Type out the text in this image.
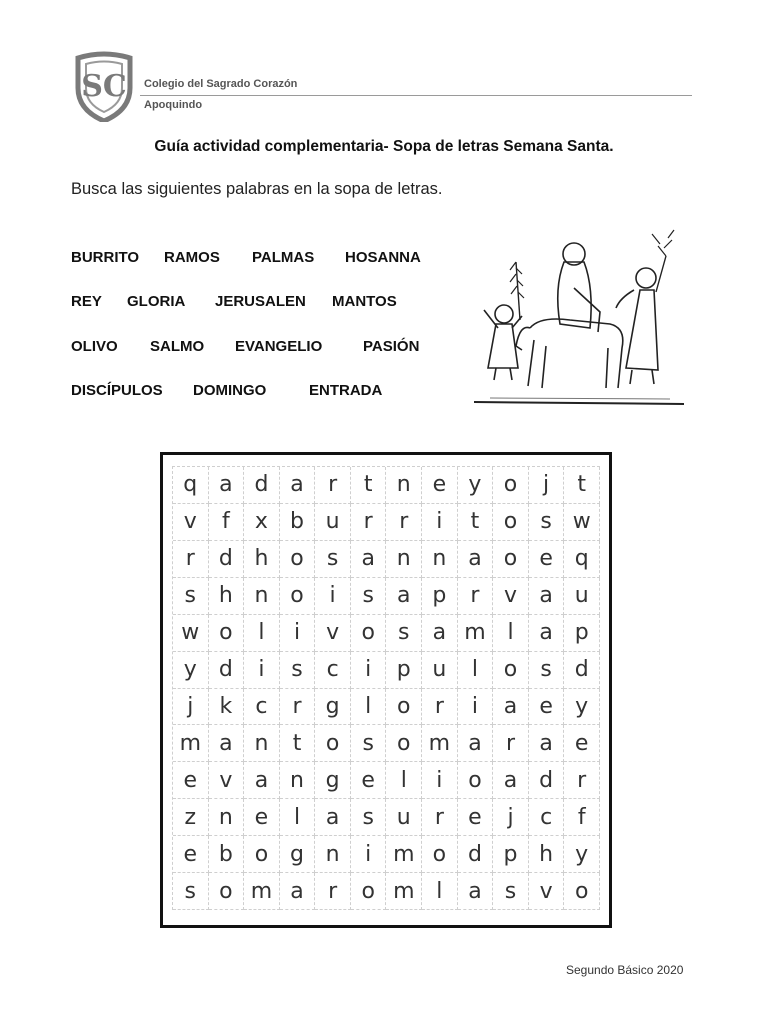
SC Colegio del Sagrado Corazón
Apoquindo
Guía actividad complementaria- Sopa de letras Semana Santa.
Busca las siguientes palabras en la sopa de letras.
BURRITO RAMOS PALMAS HOSANNA
REY GLORIA JERUSALEN MANTOS
OLIVO SALMO EVANGELIO	PASIÓN
DISCÍPULOS DOMINGO	ENTRADA
q a d a	r	t	n e	y	o	j	t
v	f	x	b u	r	r	i	t	o	s w
r	d h o	s	a n n a	o	e q
s	h n o	i	s	a p	r	v	a u
w o	l	i	v	o	s	a m l	a p
y	d	i	s	c	i	p u	l	o	s	d
j	k	c	r	g	l	o	r	i	a	e	y
m a n	t	o	s	o m a	r	a	e
e	v	a n g e	l	i	o	a d	r
z	n e	l	a	s	u	r	e	j	c	f
e b o g n	i m o d p h	y
s	o m a	r	o m l	a	s	v	o
Segundo Básico 2020
